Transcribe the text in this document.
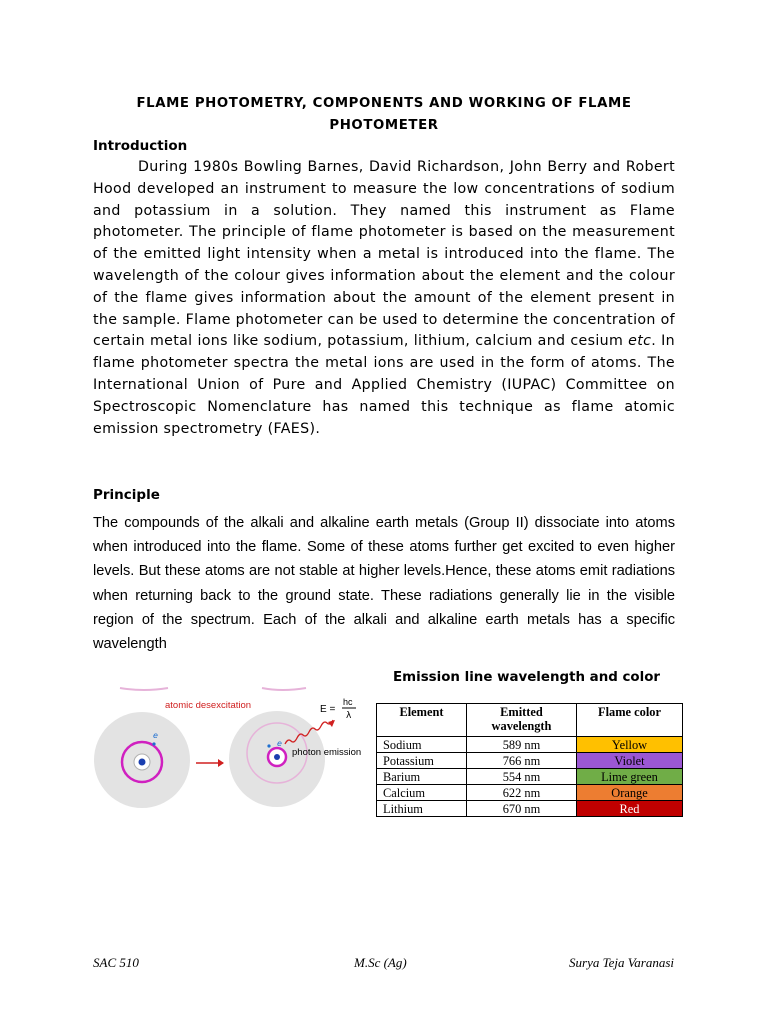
FLAME PHOTOMETRY, COMPONENTS AND WORKING OF FLAME PHOTOMETER
Introduction

During 1980s Bowling Barnes, David Richardson, John Berry and Robert Hood developed an instrument to measure the low concentrations of sodium and potassium in a solution. They named this instrument as Flame photometer. The principle of flame photometer is based on the measurement of the emitted light intensity when a metal is introduced into the flame. The wavelength of the colour gives information about the element and the colour of the flame gives information about the amount of the element present in the sample. Flame photometer can be used to determine the concentration of certain metal ions like sodium, potassium, lithium, calcium and cesium etc. In flame photometer spectra the metal ions are used in the form of atoms. The International Union of Pure and Applied Chemistry (IUPAC) Committee on Spectroscopic Nomenclature has named this technique as flame atomic emission spectrometry (FAES).

Principle

The compounds of the alkali and alkaline earth metals (Group II) dissociate into atoms when introduced into the flame. Some of these atoms further get excited to even higher levels. But these atoms are not stable at higher levels.Hence, these atoms emit radiations when returning back to the ground state. These radiations generally lie in the visible region of the spectrum. Each of the alkali and alkaline earth metals has a specific wavelength

Emission line wavelength and color
e
atomic desexcitation
e
E =
hc
λ
photon emission
Element	Emitted wavelength	Flame color
Sodium	589 nm	Yellow
Potassium	766 nm	Violet
Barium	554 nm	Lime green
Calcium	622 nm	Orange
Lithium	670 nm	Red
SAC 510	M.Sc (Ag)	Surya Teja Varanasi
